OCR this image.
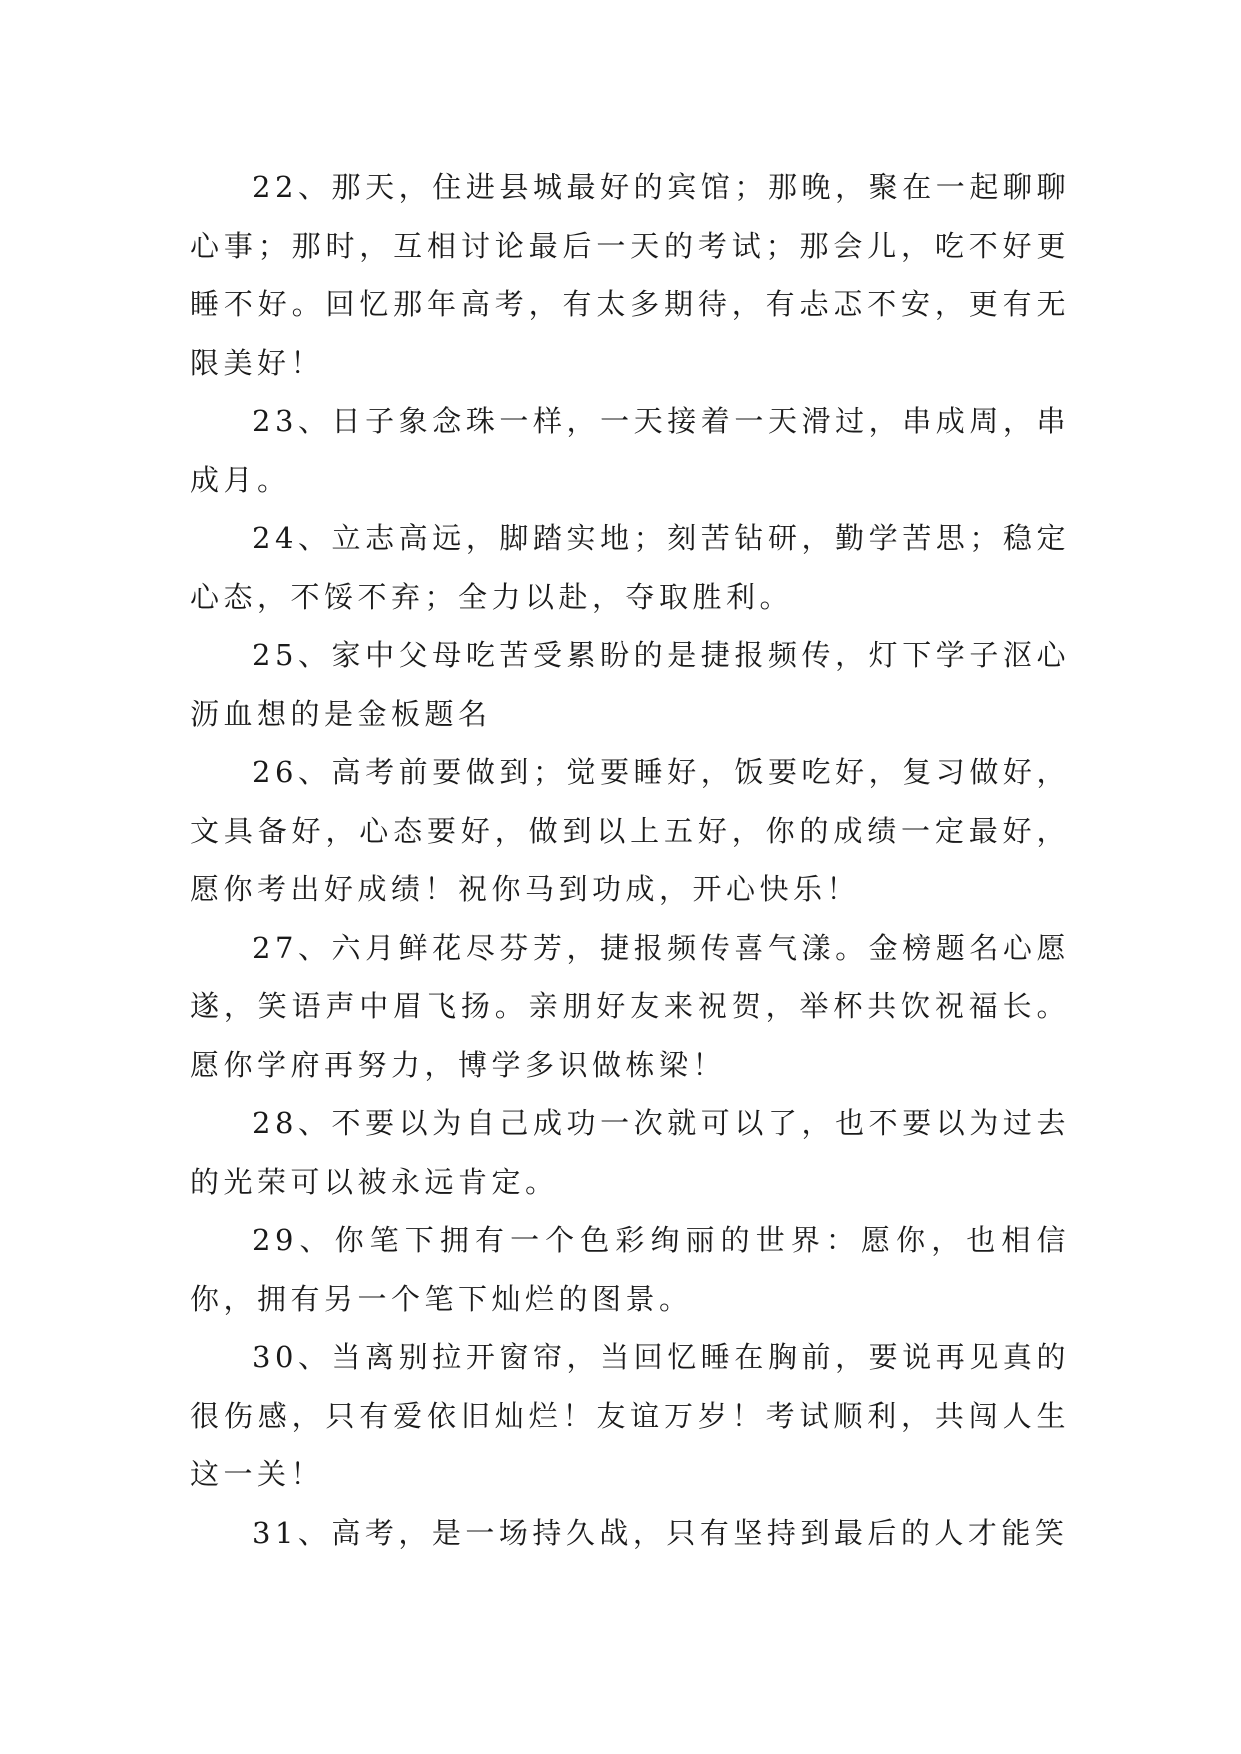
22、那天，住进县城最好的宾馆；那晚，聚在一起聊聊心事；那时，互相讨论最后一天的考试；那会儿，吃不好更睡不好。回忆那年高考，有太多期待，有忐忑不安，更有无限美好！

23、日子象念珠一样，一天接着一天滑过，串成周，串成月。

24、立志高远，脚踏实地；刻苦钻研，勤学苦思；稳定心态，不馁不弃；全力以赴，夺取胜利。

25、家中父母吃苦受累盼的是捷报频传，灯下学子沤心沥血想的是金板题名

26、高考前要做到；觉要睡好，饭要吃好，复习做好，文具备好，心态要好，做到以上五好，你的成绩一定最好，愿你考出好成绩！祝你马到功成，开心快乐！

27、六月鲜花尽芬芳，捷报频传喜气漾。金榜题名心愿遂，笑语声中眉飞扬。亲朋好友来祝贺，举杯共饮祝福长。愿你学府再努力，博学多识做栋梁！

28、不要以为自己成功一次就可以了，也不要以为过去的光荣可以被永远肯定。

29、你笔下拥有一个色彩绚丽的世界：愿你，也相信你，拥有另一个笔下灿烂的图景。

30、当离别拉开窗帘，当回忆睡在胸前，要说再见真的很伤感，只有爱依旧灿烂！友谊万岁！考试顺利，共闯人生这一关！

31、高考，是一场持久战，只有坚持到最后的人才能笑
